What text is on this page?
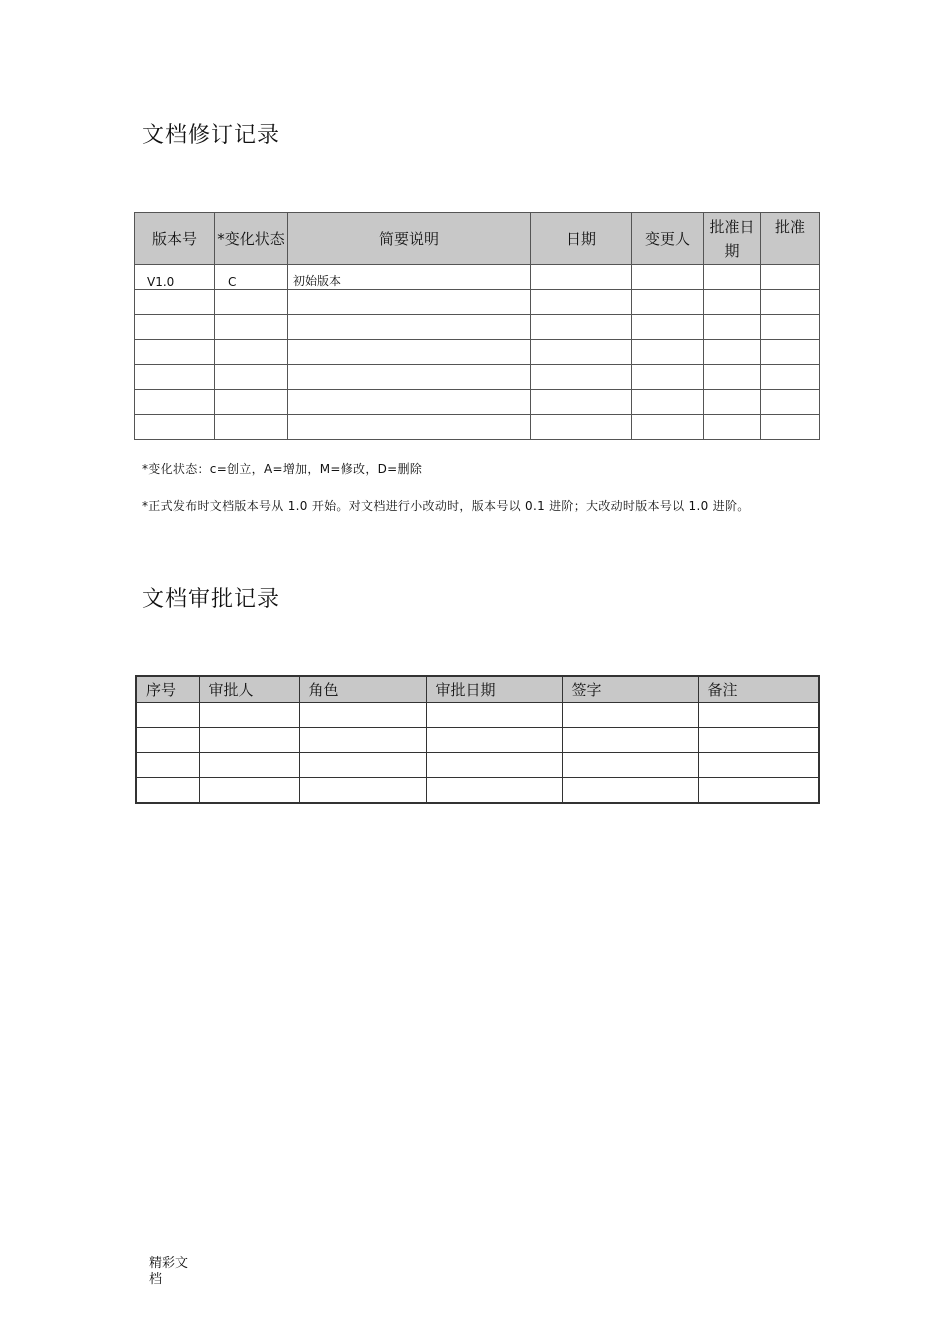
文档修订记录
版本号	*变化状态	简要说明	日期	变更人	批准日期	批准
V1.0	C	初始版本				

*变化状态：c=创立，A=增加，M=修改，D=删除
*正式发布时文档版本号从 1.0 开始。对文档进行小改动时，版本号以 0.1 进阶；大改动时版本号以 1.0 进阶。
文档审批记录
序号	审批人	角色	审批日期	签字	备注

精彩文档
